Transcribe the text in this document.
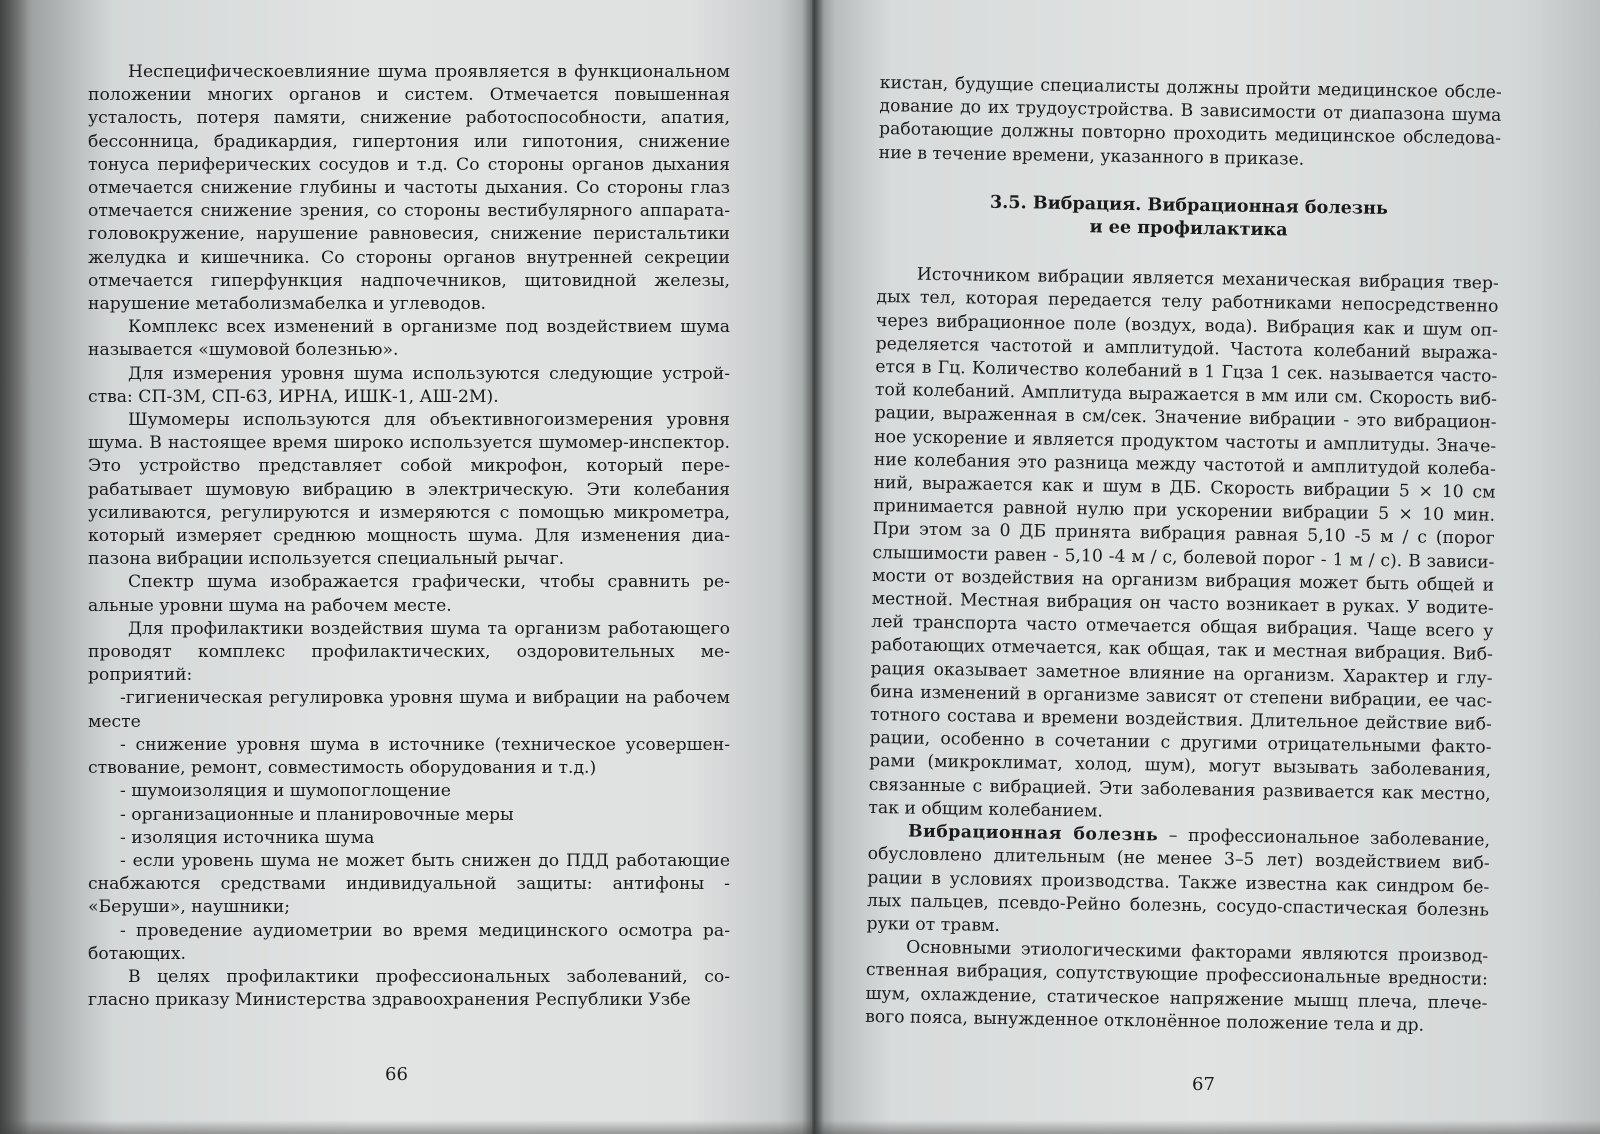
Неспецифическоевлияние шума проявляется в функциональном положении многих органов и систем. Отмечается повышенная усталость, потеря памяти, снижение работоспособности, апатия, бессонница, брадикардия, гипертония или гипотония, снижение тонуса периферических сосудов и т.д. Со стороны органов дыхания отмечается снижение глубины и частоты дыхания. Со стороны глаз отмечается снижение зрения, со стороны вестибулярного аппарата-головокружение, нарушение равновесия, снижение перистальтики желудка и кишечника. Со стороны органов внутренней секреции отмечается гиперфункция надпочечников, щитовидной железы, нарушение метаболизмабелка и углеводов.

Комплекс всех изменений в организме под воздействием шума называется «шумовой болезнью».

Для измерения уровня шума используются следующие устройства: СП-3М, СП-63, ИРНА, ИШК-1, АШ-2М).

Шумомеры используются для объективногоизмерения уровня шума. В настоящее время широко используется шумомер-инспектор. Это устройство представляет собой микрофон, который перерабатывает шумовую вибрацию в электрическую. Эти колебания усиливаются, регулируются и измеряются с помощью микрометра, который измеряет среднюю мощность шума. Для изменения диапазона вибрации используется специальный рычаг.

Спектр шума изображается графически, чтобы сравнить реальные уровни шума на рабочем месте.

Для профилактики воздействия шума та организм работающего проводят комплекс профилактических, оздоровительных мероприятий:

-гигиеническая регулировка уровня шума и вибрации на рабочем месте

- снижение уровня шума в источнике (техническое усовершенствование, ремонт, совместимость оборудования и т.д.)

- шумоизоляция и шумопоглощение

- организационные и планировочные меры

- изоляция источника шума

- если уровень шума не может быть снижен до ПДД работающие снабжаются средствами индивидуальной защиты: антифоны - «Беруши», наушники;

- проведение аудиометрии во время медицинского осмотра работающих.

В целях профилактики профессиональных заболеваний, согласно приказу Министерства здравоохранения Республики Узбе

66

кистан, будущие специалисты должны пройти медицинское обследование до их трудоустройства. В зависимости от диапазона шума работающие должны повторно проходить медицинское обследование в течение времени, указанного в приказе.

3.5. Вибрация. Вибрационная болезнь
и ее профилактика

Источником вибрации является механическая вибрация твердых тел, которая передается телу работниками непосредственно через вибрационное поле (воздух, вода). Вибрация как и шум определяется частотой и амплитудой. Частота колебаний выражается в Гц. Количество колебаний в 1 Гцза 1 сек. называется частотой колебаний. Амплитуда выражается в мм или см. Скорость вибрации, выраженная в см/сек. Значение вибрации - это вибрационное ускорение и является продуктом частоты и амплитуды. Значение колебания это разница между частотой и амплитудой колебаний, выражается как и шум в ДБ. Скорость вибрации 5 × 10 см принимается равной нулю при ускорении вибрации 5 × 10 мин. При этом за 0 ДБ принята вибрация равная 5,10 -5 м / с (порог слышимости равен - 5,10 -4 м / с, болевой порог - 1 м / с). В зависимости от воздействия на организм вибрация может быть общей и местной. Местная вибрация он часто возникает в руках. У водителей транспорта часто отмечается общая вибрация. Чаще всего у работающих отмечается, как общая, так и местная вибрация. Вибрация оказывает заметное влияние на организм. Характер и глубина изменений в организме зависят от степени вибрации, ее частотного состава и времени воздействия. Длительное действие вибрации, особенно в сочетании с другими отрицательными факторами (микроклимат, холод, шум), могут вызывать заболевания, связанные с вибрацией. Эти заболевания развивается как местно, так и общим колебанием.

Вибрационная болезнь – профессиональное заболевание, обусловлено длительным (не менее 3–5 лет) воздействием вибрации в условиях производства. Также известна как синдром белых пальцев, псевдо-Рейно болезнь, сосудо-спастическая болезнь руки от травм.

Основными этиологическими факторами являются производственная вибрация, сопутствующие профессиональные вредности: шум, охлаждение, статическое напряжение мышц плеча, плечевого пояса, вынужденное отклонённое положение тела и др.

67
